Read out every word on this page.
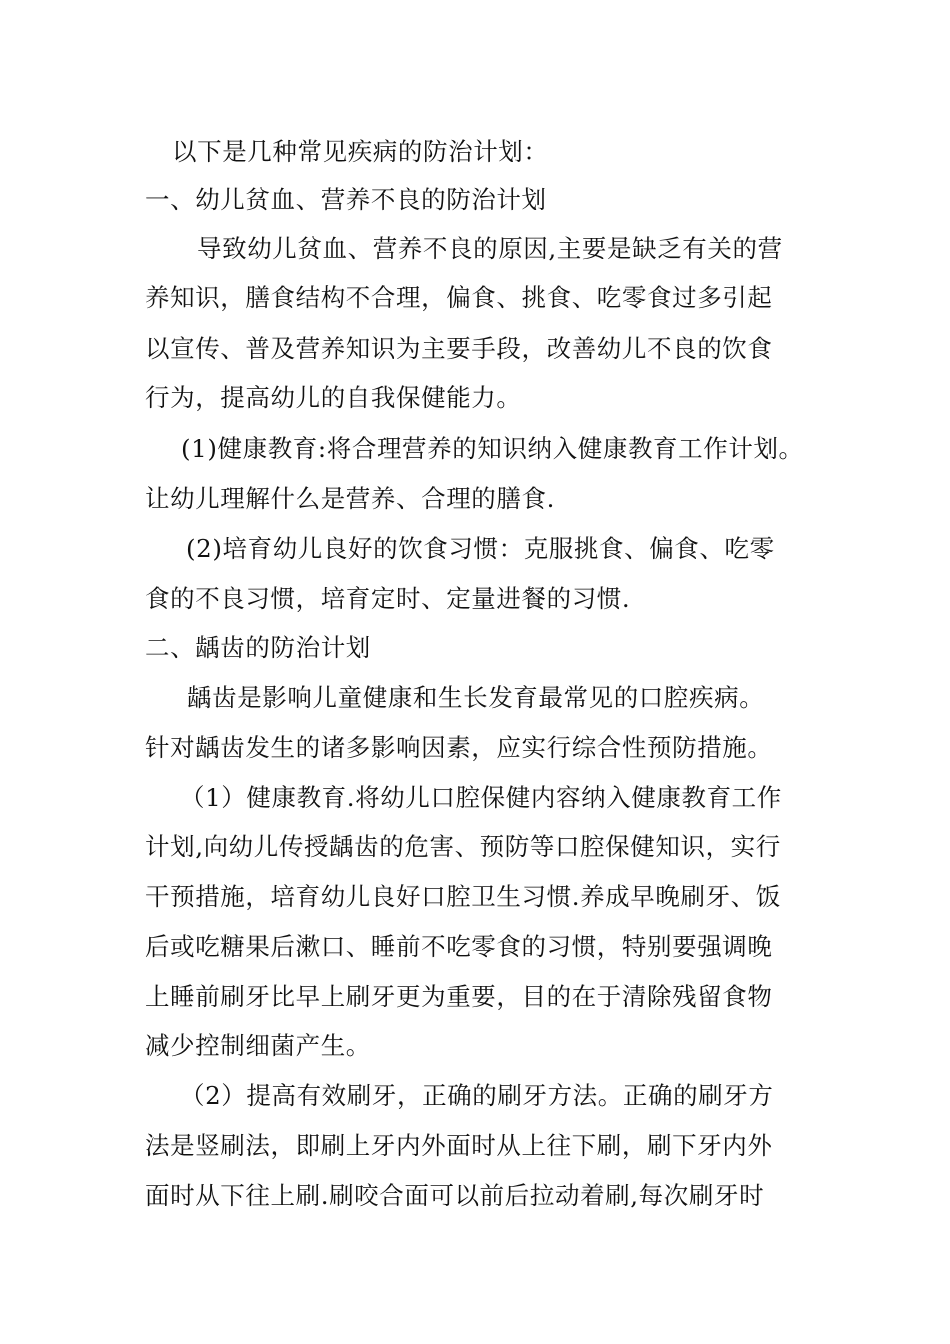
以下是几种常见疾病的防治计划：
一、幼儿贫血、营养不良的防治计划
导致幼儿贫血、营养不良的原因,主要是缺乏有关的营
养知识，膳食结构不合理，偏食、挑食、吃零食过多引起
以宣传、普及营养知识为主要手段，改善幼儿不良的饮食
行为，提高幼儿的自我保健能力。
(1)健康教育:将合理营养的知识纳入健康教育工作计划。
让幼儿理解什么是营养、合理的膳食.
(2)培育幼儿良好的饮食习惯：克服挑食、偏食、吃零
食的不良习惯，培育定时、定量进餐的习惯.
二、龋齿的防治计划
龋齿是影响儿童健康和生长发育最常见的口腔疾病。
针对龋齿发生的诸多影响因素，应实行综合性预防措施。
（1）健康教育.将幼儿口腔保健内容纳入健康教育工作
计划,向幼儿传授龋齿的危害、预防等口腔保健知识，实行
干预措施，培育幼儿良好口腔卫生习惯.养成早晚刷牙、饭
后或吃糖果后漱口、睡前不吃零食的习惯，特别要强调晚
上睡前刷牙比早上刷牙更为重要，目的在于清除残留食物
减少控制细菌产生。
（2）提高有效刷牙，正确的刷牙方法。正确的刷牙方
法是竖刷法，即刷上牙内外面时从上往下刷，刷下牙内外
面时从下往上刷.刷咬合面可以前后拉动着刷,每次刷牙时
